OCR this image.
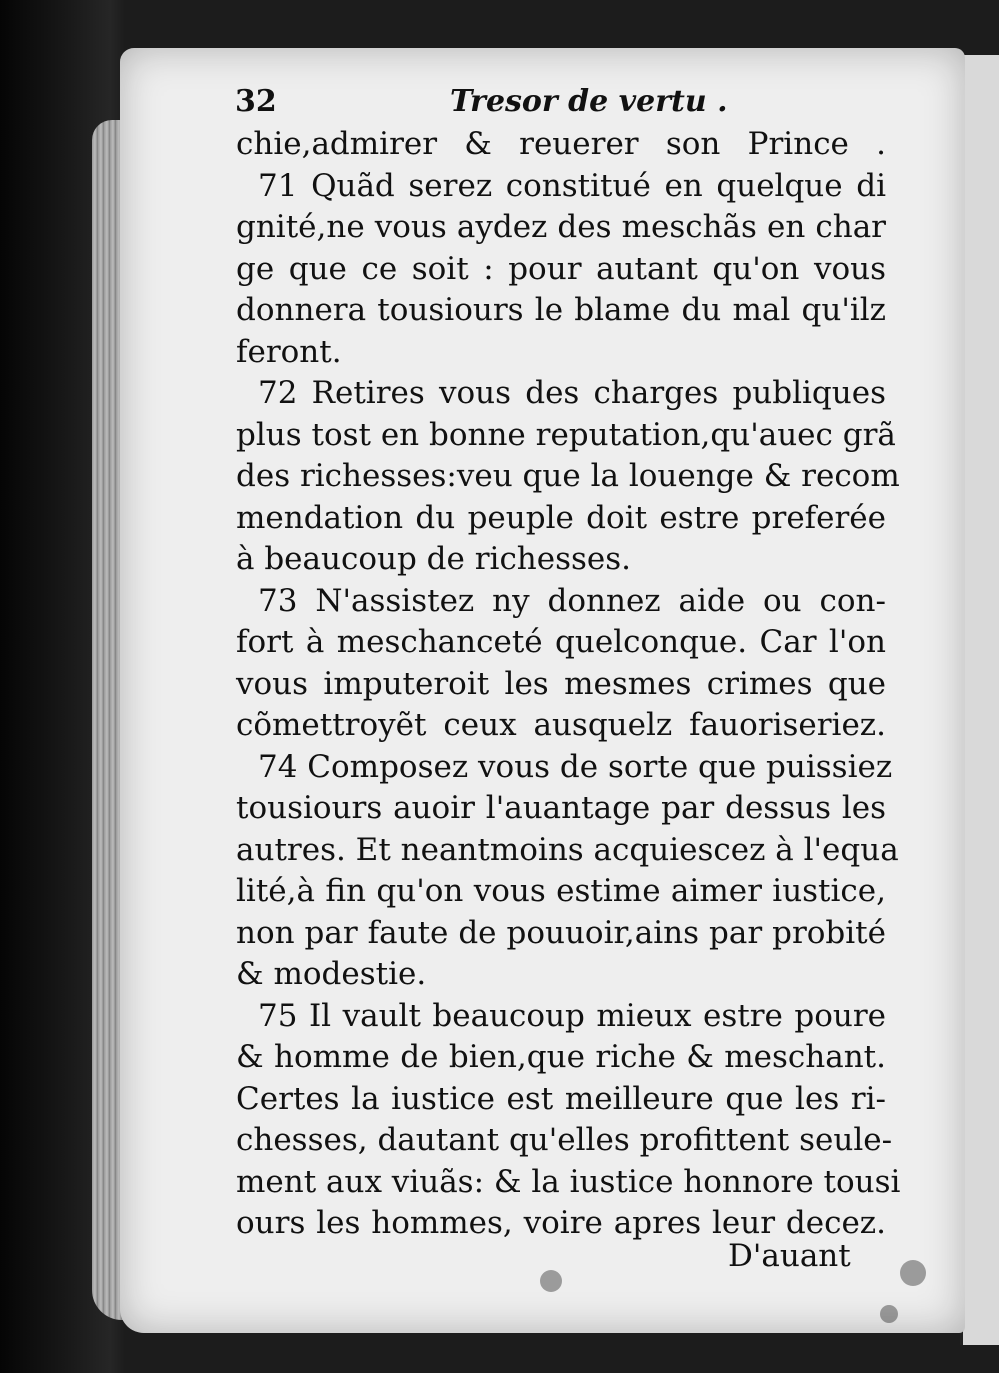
32	Tresor de vertu .
chie,admirer & reuerer son Prince .
71 Quãd serez constitué en quelque di
gnité,ne vous aydez des meschãs en char
ge que ce soit : pour autant qu'on vous
donnera tousiours le blame du mal qu'ilz
feront.
72 Retires vous des charges publiques
plus tost en bonne reputation,qu'auec grã
des richesses:veu que la louenge & recom
mendation du peuple doit estre preferée
à beaucoup de richesses.
73 N'assistez ny donnez aide ou con-
fort à meschanceté quelconque. Car l'on
vous imputeroit les mesmes crimes que
cõmettroyẽt ceux ausquelz fauoriseriez.
74 Composez vous de sorte que puissiez
tousiours auoir l'auantage par dessus les
autres. Et neantmoins acquiescez à l'equa
lité,à fin qu'on vous estime aimer iustice,
non par faute de pouuoir,ains par probité
& modestie.
75 Il vault beaucoup mieux estre poure
& homme de bien,que riche & meschant.
Certes la iustice est meilleure que les ri-
chesses, dautant qu'elles profittent seule-
ment aux viuãs: & la iustice honnore tousi
ours les hommes, voire apres leur decez.
D'auant
